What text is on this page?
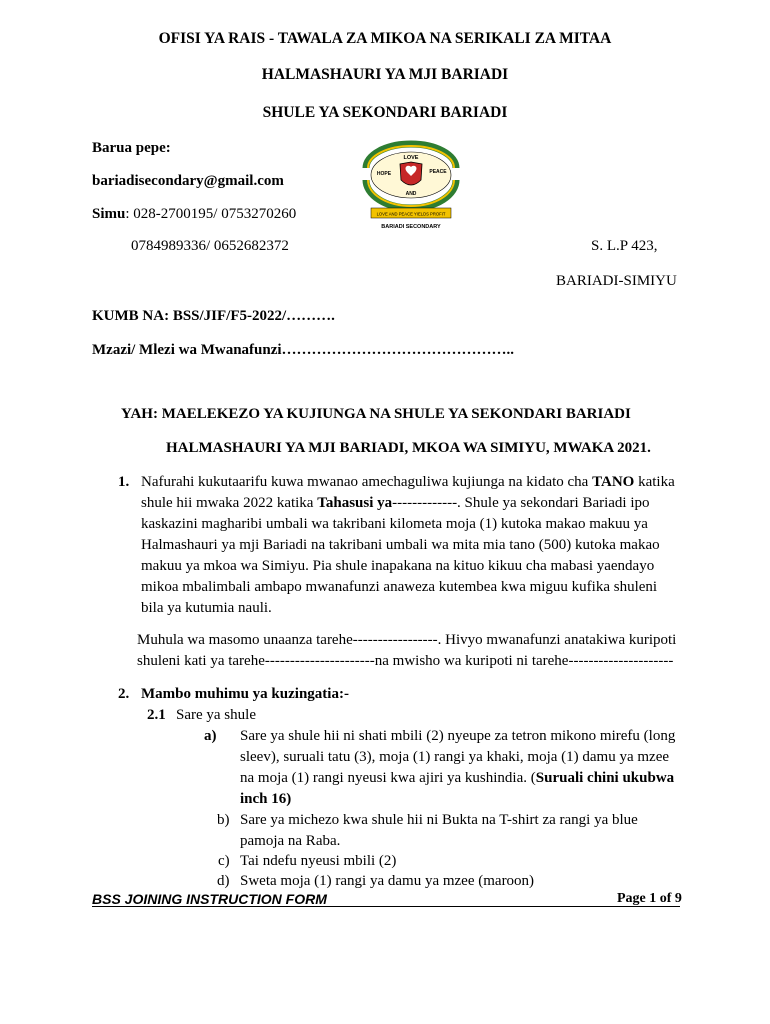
OFISI YA RAIS - TAWALA ZA MIKOA NA SERIKALI ZA MITAA
HALMASHAURI YA MJI BARIADI
SHULE YA SEKONDARI BARIADI
Barua pepe:
bariadisecondary@gmail.com
Simu: 028-2700195/ 0753270260
0784989336/ 0652682372	S. L.P 423,
BARIADI-SIMIYU
LOVE
HOPE	PEACE
AND
LOVE AND PEACE YIELDS PROFIT
BARIADI SECONDARY
KUMB NA: BSS/JIF/F5-2022/……….
Mzazi/ Mlezi wa Mwanafunzi………………………………………..
YAH: MAELEKEZO YA KUJIUNGA NA SHULE YA SEKONDARI BARIADI
HALMASHAURI YA MJI BARIADI, MKOA WA SIMIYU, MWAKA 2021.
1. Nafurahi kukutaarifu kuwa mwanao amechaguliwa kujiunga na kidato cha TANO katika
shule hii mwaka 2022 katika Tahasusi ya-------------. Shule ya sekondari Bariadi ipo
kaskazini magharibi umbali wa takribani kilometa moja (1) kutoka makao makuu ya
Halmashauri ya mji Bariadi na takribani umbali wa mita mia tano (500) kutoka makao
makuu ya mkoa wa Simiyu. Pia shule inapakana na kituo kikuu cha mabasi yaendayo
mikoa mbalimbali ambapo mwanafunzi anaweza kutembea kwa miguu kufika shuleni
bila ya kutumia nauli.
Muhula wa masomo unaanza tarehe-----------------. Hivyo mwanafunzi anatakiwa kuripoti
shuleni kati ya tarehe----------------------na mwisho wa kuripoti ni tarehe---------------------
2. Mambo muhimu ya kuzingatia:-
2.1 Sare ya shule
a) Sare ya shule hii ni shati mbili (2) nyeupe za tetron mikono mirefu (long
sleev), suruali tatu (3), moja (1) rangi ya khaki, moja (1) damu ya mzee
na moja (1) rangi nyeusi kwa ajiri ya kushindia. (Suruali chini ukubwa
inch 16)
b) Sare ya michezo kwa shule hii ni Bukta na T-shirt za rangi ya blue
pamoja na Raba.
c) Tai ndefu nyeusi mbili (2)
d) Sweta moja (1) rangi ya damu ya mzee (maroon)
BSS JOINING INSTRUCTION FORM	Page 1 of 9
